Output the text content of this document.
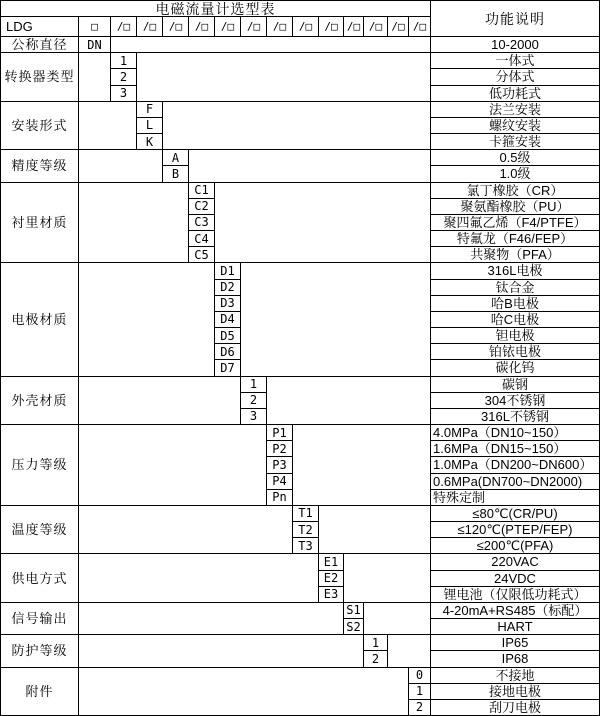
电磁流量计选型表
功能说明
LDG	□
公称直径	DN	10-2000
/□	/□	/□	/□	/□	/□	/□	/□	/□ /□ /□ /□ /□
转换器类型
1	一体式
2	分体式
3	低功耗式
安装形式
F	法兰安装
L	螺纹安装
K	卡箍安装
精度等级
A	0.5级
B	1.0级
衬里材质
C1	氯丁橡胶（CR）
C2	聚氨酯橡胶（PU）
C3	聚四氟乙烯（F4/PTFE）
C4	特氟龙（F46/FEP）
C5	共聚物（PFA）
电极材质
D1	316L电极
D2	钛合金
D3	哈B电极
D4	哈C电极
D5	钽电极
D6	铂铱电极
D7	碳化钨
外壳材质
1	碳钢
2	304不锈钢
3	316L不锈钢
压力等级
P1	4.0MPa（DN10~150）
P2	1.6MPa（DN15~150）
P3	1.0MPa（DN200~DN600）
P4	0.6MPa(DN700~DN2000)
Pn	特殊定制
温度等级
T1	≤80℃(CR/PU)
T2	≤120℃(PTEP/FEP)
T3	≤200℃(PFA)
供电方式
E1	220VAC
E2	24VDC
E3	锂电池（仅限低功耗式）
信号输出
S1	4-20mA+RS485（标配）
S2	HART
防护等级
1	IP65
2	IP68
附件
0	不接地
1	接地电极
2	刮刀电极
